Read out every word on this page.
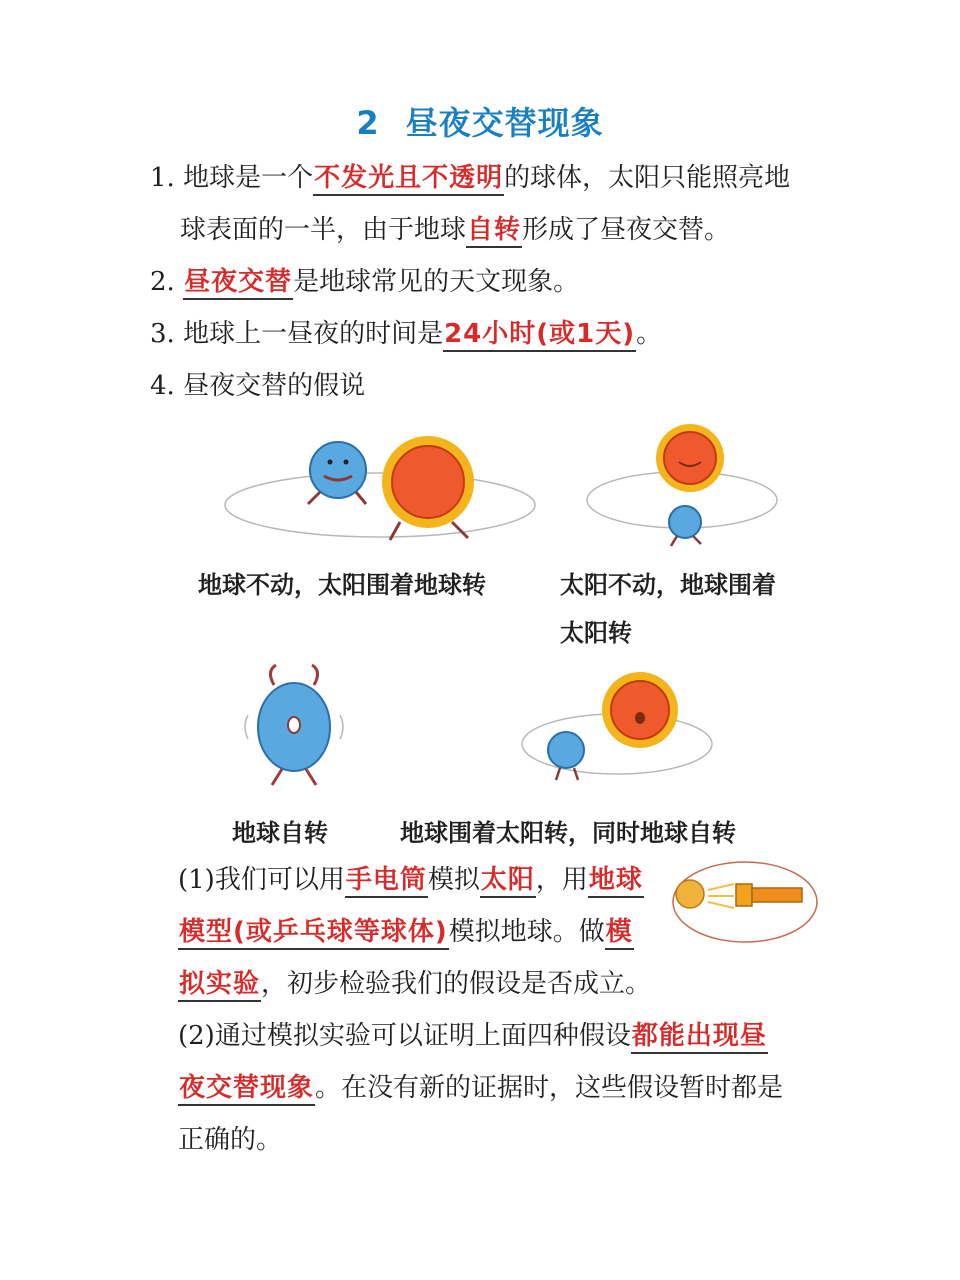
2 昼夜交替现象
1. 地球是一个不发光且不透明的球体，太阳只能照亮地
球表面的一半，由于地球自转形成了昼夜交替。
2. 昼夜交替是地球常见的天文现象。
3. 地球上一昼夜的时间是24小时(或1天)。
4. 昼夜交替的假说
地球不动，太阳围着地球转	太阳不动，地球围着
太阳转
地球自转	地球围着太阳转，同时地球自转
(1)我们可以用手电筒模拟太阳，用地球
模型(或乒乓球等球体)模拟地球。做模
拟实验，初步检验我们的假设是否成立。
(2)通过模拟实验可以证明上面四种假设都能出现昼
夜交替现象。在没有新的证据时，这些假设暂时都是
正确的。
